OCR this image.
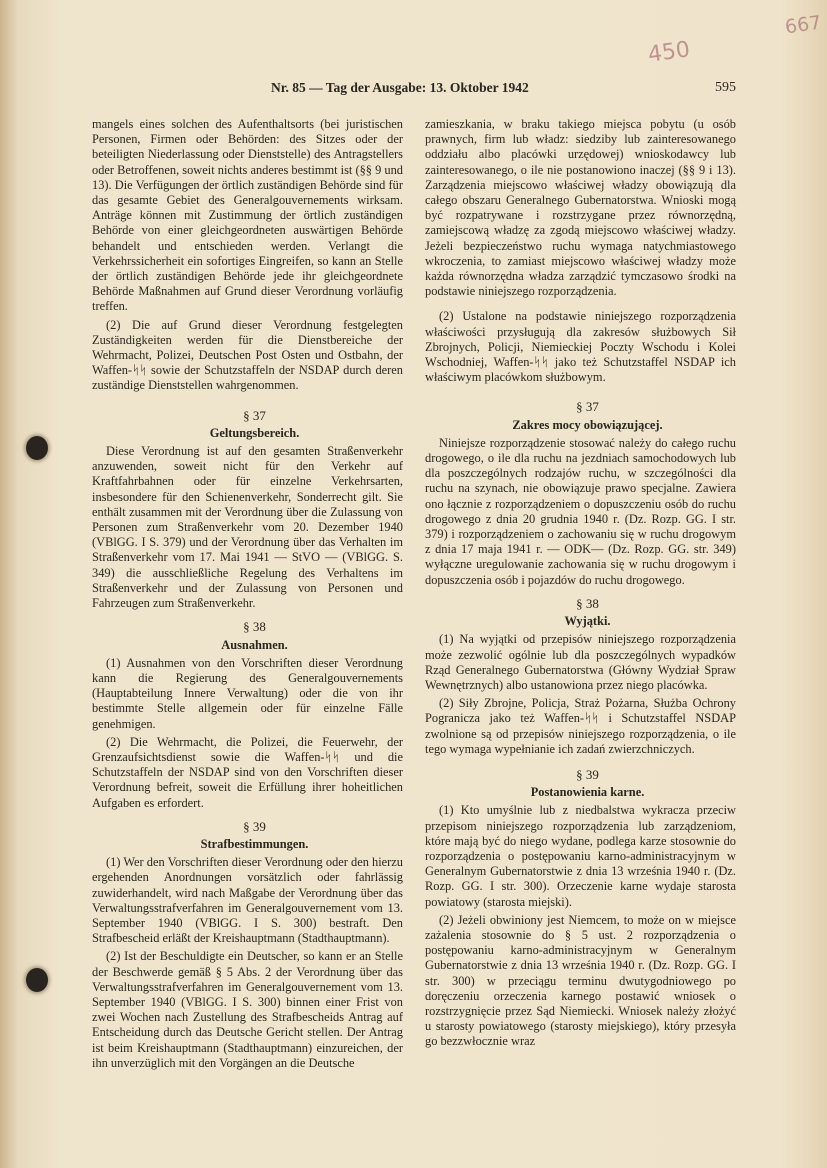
667
450
Nr. 85 — Tag der Ausgabe: 13. Oktober 1942	595

mangels eines solchen des Aufenthaltsorts (bei juristischen Personen, Firmen oder Behörden: des Sitzes oder der beteiligten Niederlassung oder Dienststelle) des Antragstellers oder Betroffenen, soweit nichts anderes bestimmt ist (§§ 9 und 13). Die Verfügungen der örtlich zuständigen Behörde sind für das gesamte Gebiet des Generalgouvernements wirksam. Anträge können mit Zustimmung der örtlich zuständigen Behörde von einer gleichgeordneten auswärtigen Behörde behandelt und entschieden werden. Verlangt die Verkehrssicherheit ein sofortiges Eingreifen, so kann an Stelle der örtlich zuständigen Behörde jede ihr gleichgeordnete Behörde Maßnahmen auf Grund dieser Verordnung vorläufig treffen.

(2) Die auf Grund dieser Verordnung festgelegten Zuständigkeiten werden für die Dienstbereiche der Wehrmacht, Polizei, Deutschen Post Osten und Ostbahn, der Waffen-ᛋᛋ sowie der Schutzstaffeln der NSDAP durch deren zuständige Dienststellen wahrgenommen.

§ 37

Geltungsbereich.

Diese Verordnung ist auf den gesamten Straßenverkehr anzuwenden, soweit nicht für den Verkehr auf Kraftfahrbahnen oder für einzelne Verkehrsarten, insbesondere für den Schienenverkehr, Sonderrecht gilt. Sie enthält zusammen mit der Verordnung über die Zulassung von Personen zum Straßenverkehr vom 20. Dezember 1940 (VBlGG. I S. 379) und der Verordnung über das Verhalten im Straßenverkehr vom 17. Mai 1941 — StVO — (VBlGG. S. 349) die ausschließliche Regelung des Verhaltens im Straßenverkehr und der Zulassung von Personen und Fahrzeugen zum Straßenverkehr.

§ 38

Ausnahmen.

(1) Ausnahmen von den Vorschriften dieser Verordnung kann die Regierung des Generalgouvernements (Hauptabteilung Innere Verwaltung) oder die von ihr bestimmte Stelle allgemein oder für einzelne Fälle genehmigen.

(2) Die Wehrmacht, die Polizei, die Feuerwehr, der Grenzaufsichtsdienst sowie die Waffen-ᛋᛋ und die Schutzstaffeln der NSDAP sind von den Vorschriften dieser Verordnung befreit, soweit die Erfüllung ihrer hoheitlichen Aufgaben es erfordert.

§ 39

Strafbestimmungen.

(1) Wer den Vorschriften dieser Verordnung oder den hierzu ergehenden Anordnungen vorsätzlich oder fahrlässig zuwiderhandelt, wird nach Maßgabe der Verordnung über das Verwaltungsstrafverfahren im Generalgouvernement vom 13. September 1940 (VBlGG. I S. 300) bestraft. Den Strafbescheid erläßt der Kreishauptmann (Stadthauptmann).

(2) Ist der Beschuldigte ein Deutscher, so kann er an Stelle der Beschwerde gemäß § 5 Abs. 2 der Verordnung über das Verwaltungsstrafverfahren im Generalgouvernement vom 13. September 1940 (VBlGG. I S. 300) binnen einer Frist von zwei Wochen nach Zustellung des Strafbescheids Antrag auf Entscheidung durch das Deutsche Gericht stellen. Der Antrag ist beim Kreishauptmann (Stadthauptmann) einzureichen, der ihn unverzüglich mit den Vorgängen an die Deutsche

zamieszkania, w braku takiego miejsca pobytu (u osób prawnych, firm lub władz: siedziby lub zainteresowanego oddziału albo placówki urzędowej) wnioskodawcy lub zainteresowanego, o ile nie postanowiono inaczej (§§ 9 i 13). Zarządzenia miejscowo właściwej władzy obowiązują dla całego obszaru Generalnego Gubernatorstwa. Wnioski mogą być rozpatrywane i rozstrzygane przez równorzędną, zamiejscową władzę za zgodą miejscowo właściwej władzy. Jeżeli bezpieczeństwo ruchu wymaga natychmiastowego wkroczenia, to zamiast miejscowo właściwej władzy może każda równorzędna władza zarządzić tymczasowo środki na podstawie niniejszego rozporządzenia.

(2) Ustalone na podstawie niniejszego rozporządzenia właściwości przysługują dla zakresów służbowych Sił Zbrojnych, Policji, Niemieckiej Poczty Wschodu i Kolei Wschodniej, Waffen-ᛋᛋ jako też Schutzstaffel NSDAP ich właściwym placówkom służbowym.

§ 37

Zakres mocy obowiązującej.

Niniejsze rozporządzenie stosować należy do całego ruchu drogowego, o ile dla ruchu na jezdniach samochodowych lub dla poszczególnych rodzajów ruchu, w szczególności dla ruchu na szynach, nie obowiązuje prawo specjalne. Zawiera ono łącznie z rozporządzeniem o dopuszczeniu osób do ruchu drogowego z dnia 20 grudnia 1940 r. (Dz. Rozp. GG. I str. 379) i rozporządzeniem o zachowaniu się w ruchu drogowym z dnia 17 maja 1941 r. — ODK— (Dz. Rozp. GG. str. 349) wyłączne uregulowanie zachowania się w ruchu drogowym i dopuszczenia osób i pojazdów do ruchu drogowego.

§ 38

Wyjątki.

(1) Na wyjątki od przepisów niniejszego rozporządzenia może zezwolić ogólnie lub dla poszczególnych wypadków Rząd Generalnego Gubernatorstwa (Główny Wydział Spraw Wewnętrznych) albo ustanowiona przez niego placówka.

(2) Siły Zbrojne, Policja, Straż Pożarna, Służba Ochrony Pogranicza jako też Waffen-ᛋᛋ i Schutzstaffel NSDAP zwolnione są od przepisów niniejszego rozporządzenia, o ile tego wymaga wypełnianie ich zadań zwierzchniczych.

§ 39

Postanowienia karne.

(1) Kto umyślnie lub z niedbalstwa wykracza przeciw przepisom niniejszego rozporządzenia lub zarządzeniom, które mają być do niego wydane, podlega karze stosownie do rozporządzenia o postępowaniu karno-administracyjnym w Generalnym Gubernatorstwie z dnia 13 września 1940 r. (Dz. Rozp. GG. I str. 300). Orzeczenie karne wydaje starosta powiatowy (starosta miejski).

(2) Jeżeli obwiniony jest Niemcem, to może on w miejsce zażalenia stosownie do § 5 ust. 2 rozporządzenia o postępowaniu karno-administracyjnym w Generalnym Gubernatorstwie z dnia 13 września 1940 r. (Dz. Rozp. GG. I str. 300) w przeciągu terminu dwutygodniowego po doręczeniu orzeczenia karnego postawić wniosek o rozstrzygnięcie przez Sąd Niemiecki. Wniosek należy złożyć u starosty powiatowego (starosty miejskiego), który przesyła go bezzwłocznie wraz
